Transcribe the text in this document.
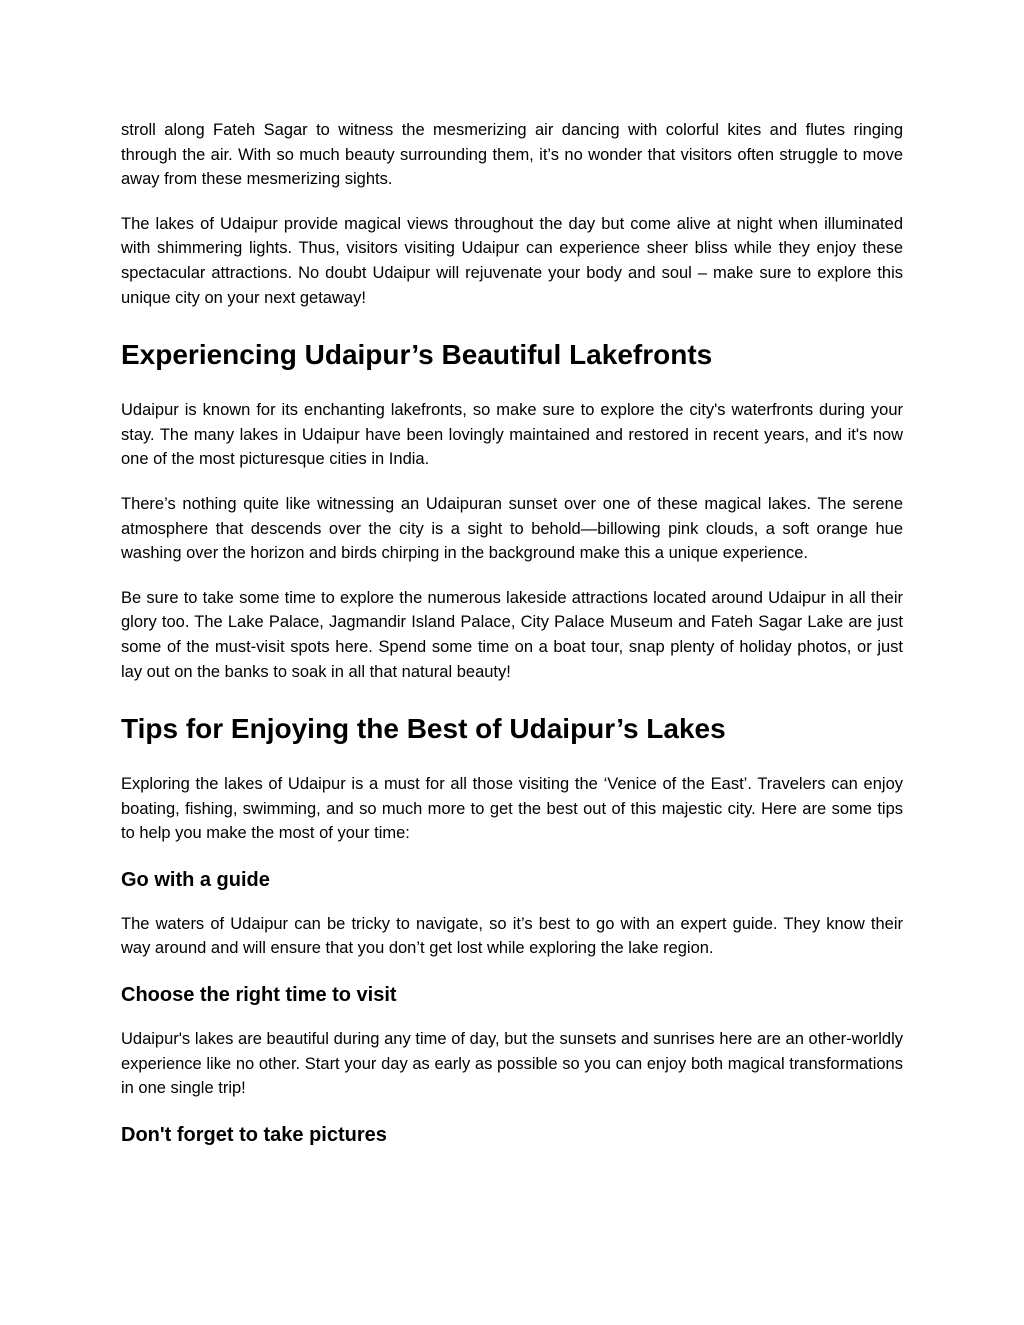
stroll along Fateh Sagar to witness the mesmerizing air dancing with colorful kites and flutes ringing through the air. With so much beauty surrounding them, it’s no wonder that visitors often struggle to move away from these mesmerizing sights.

The lakes of Udaipur provide magical views throughout the day but come alive at night when illuminated with shimmering lights. Thus, visitors visiting Udaipur can experience sheer bliss while they enjoy these spectacular attractions. No doubt Udaipur will rejuvenate your body and soul – make sure to explore this unique city on your next getaway!

Experiencing Udaipur’s Beautiful Lakefronts

Udaipur is known for its enchanting lakefronts, so make sure to explore the city's waterfronts during your stay. The many lakes in Udaipur have been lovingly maintained and restored in recent years, and it's now one of the most picturesque cities in India.

There’s nothing quite like witnessing an Udaipuran sunset over one of these magical lakes. The serene atmosphere that descends over the city is a sight to behold—billowing pink clouds, a soft orange hue washing over the horizon and birds chirping in the background make this a unique experience.

Be sure to take some time to explore the numerous lakeside attractions located around Udaipur in all their glory too. The Lake Palace, Jagmandir Island Palace, City Palace Museum and Fateh Sagar Lake are just some of the must-visit spots here. Spend some time on a boat tour, snap plenty of holiday photos, or just lay out on the banks to soak in all that natural beauty!

Tips for Enjoying the Best of Udaipur’s Lakes

Exploring the lakes of Udaipur is a must for all those visiting the ‘Venice of the East’. Travelers can enjoy boating, fishing, swimming, and so much more to get the best out of this majestic city. Here are some tips to help you make the most of your time:

Go with a guide

The waters of Udaipur can be tricky to navigate, so it’s best to go with an expert guide. They know their way around and will ensure that you don’t get lost while exploring the lake region.

Choose the right time to visit

Udaipur's lakes are beautiful during any time of day, but the sunsets and sunrises here are an other-worldly experience like no other. Start your day as early as possible so you can enjoy both magical transformations in one single trip!

Don't forget to take pictures
